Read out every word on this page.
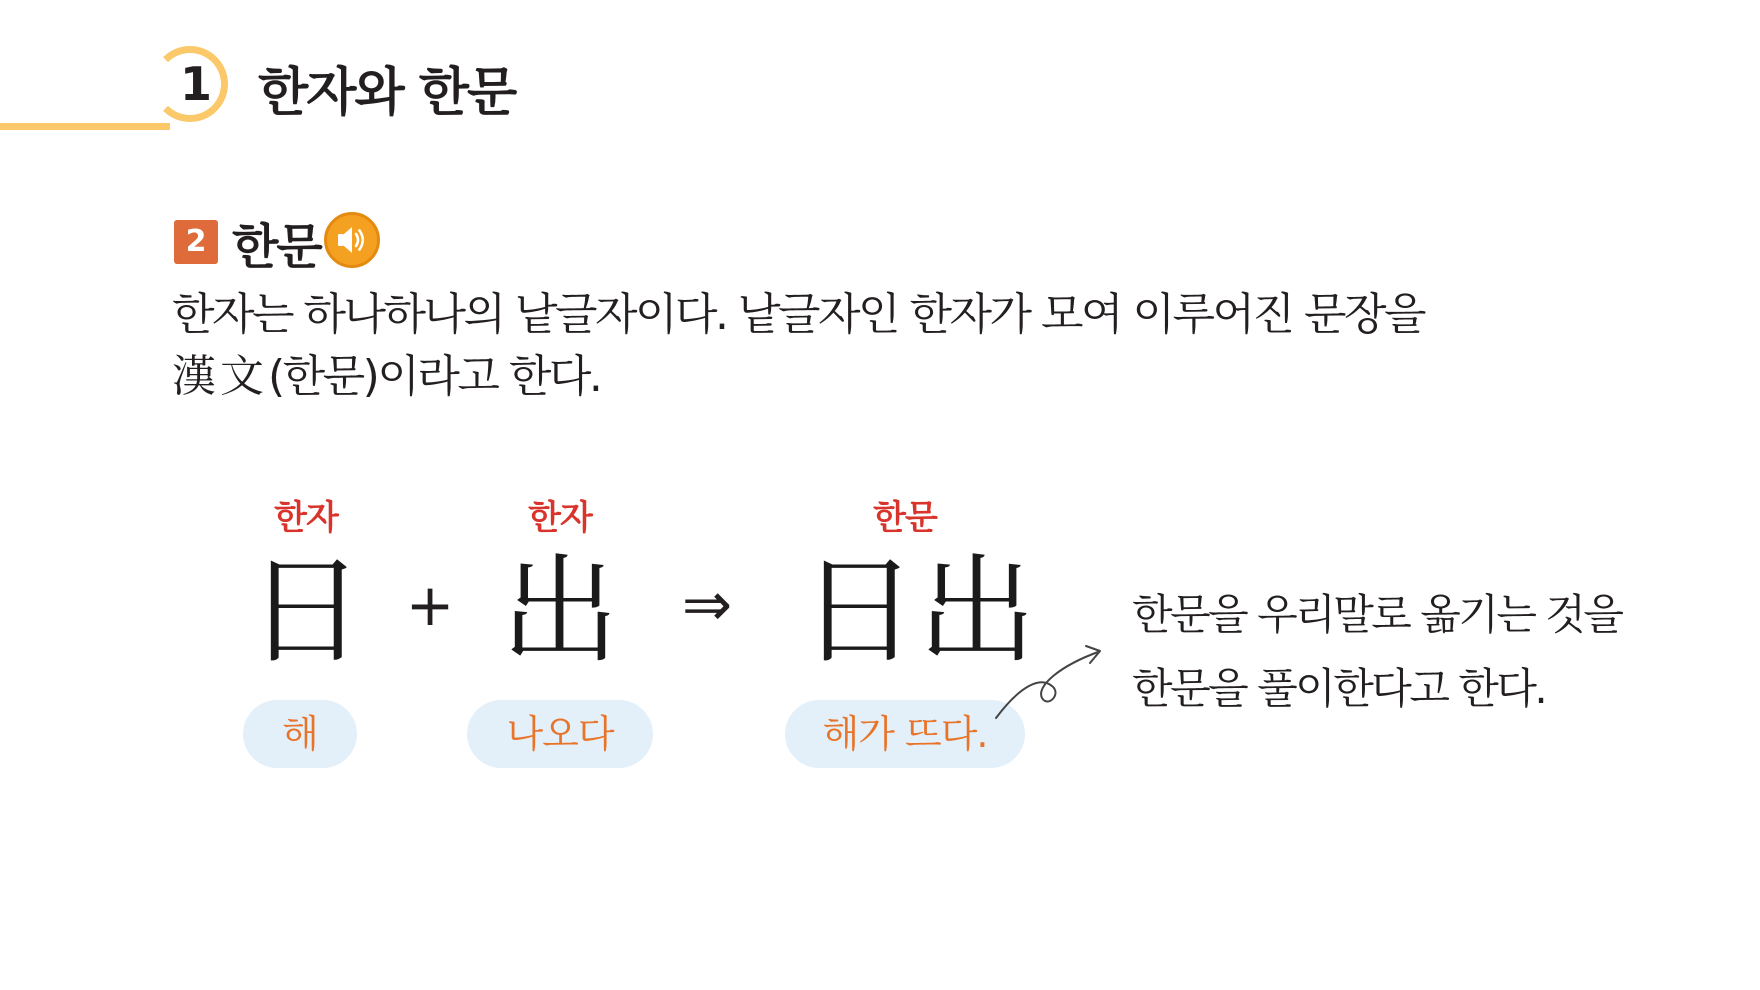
1 한자와 한문
2 한문
한자는 하나하나의 낱글자이다. 낱글자인 한자가 모여 이루어진 문장을
漢文(한문)이라고 한다.
한자
日
해
+
한자
出
나오다
⇒
한문
日出
해가 뜨다.
한문을 우리말로 옮기는 것을
한문을 풀이한다고 한다.
